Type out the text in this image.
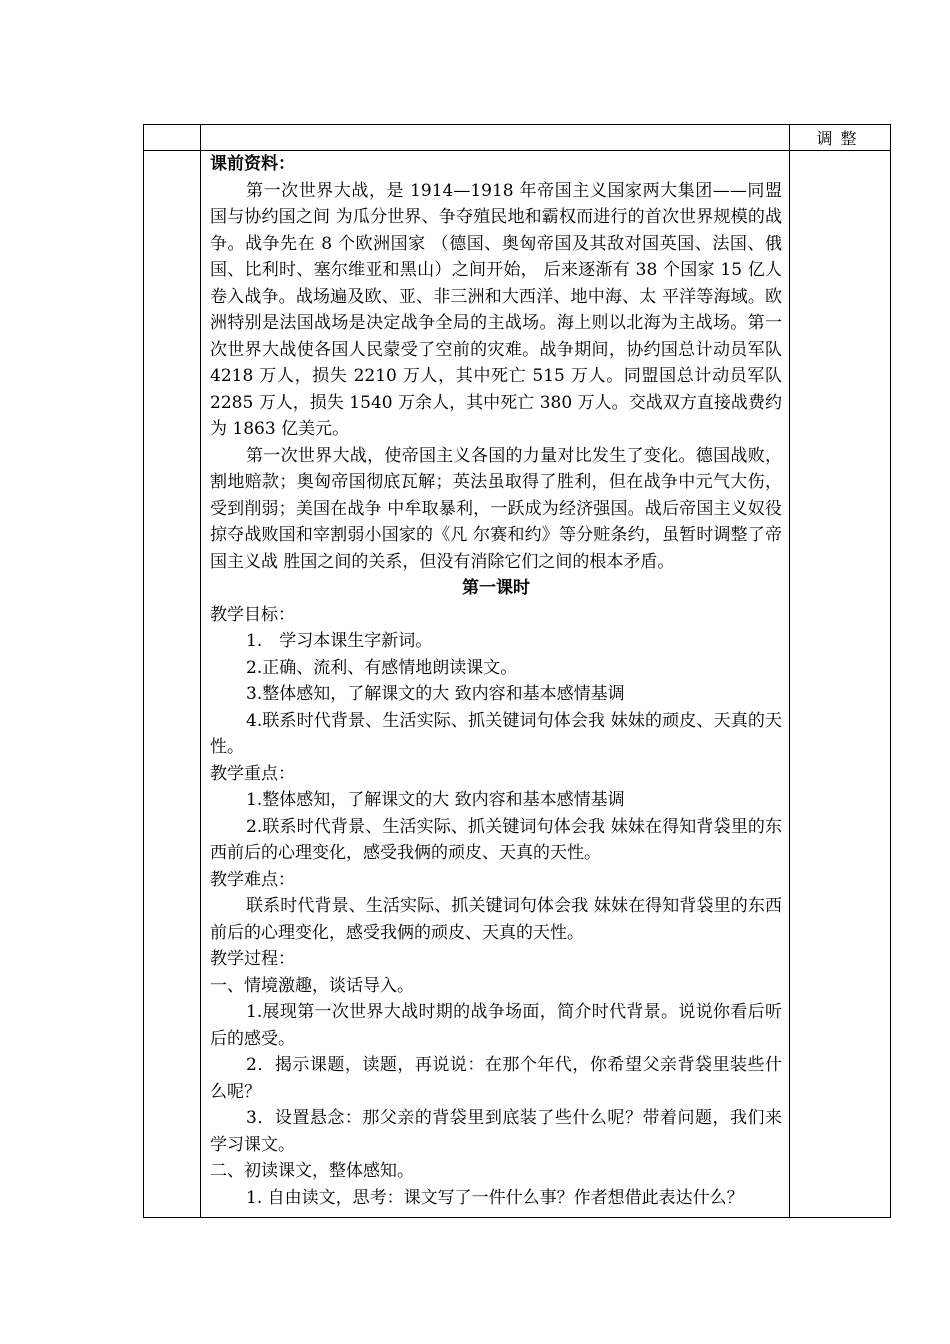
调整

课前资料：

第一次世界大战，是 1914—1918 年帝国主义国家两大集团——同盟国与协约国之间 为瓜分世界、争夺殖民地和霸权而进行的首次世界规模的战争。战争先在 8 个欧洲国家 （德国、奥匈帝国及其敌对国英国、法国、俄国、比利时、塞尔维亚和黑山）之间开始， 后来逐渐有 38 个国家 15 亿人卷入战争。战场遍及欧、亚、非三洲和大西洋、地中海、太 平洋等海域。欧洲特别是法国战场是决定战争全局的主战场。海上则以北海为主战场。第一次世界大战使各国人民蒙受了空前的灾难。战争期间，协约国总计动员军队 4218 万人，损失 2210 万人，其中死亡 515 万人。同盟国总计动员军队 2285 万人，损失 1540 万余人，其中死亡 380 万人。交战双方直接战费约为 1863 亿美元。

第一次世界大战，使帝国主义各国的力量对比发生了变化。德国战败，割地赔款；奥匈帝国彻底瓦解；英法虽取得了胜利，但在战争中元气大伤，受到削弱；美国在战争 中牟取暴利，一跃成为经济强国。战后帝国主义奴役掠夺战败国和宰割弱小国家的《凡 尔赛和约》等分赃条约，虽暂时调整了帝国主义战 胜国之间的关系，但没有消除它们之间的根本矛盾。

第一课时

教学目标：

1.　学习本课生字新词。

2.正确、流利、有感情地朗读课文。

3.整体感知，了解课文的大 致内容和基本感情基调

4.联系时代背景、生活实际、抓关键词句体会我 妹妹的顽皮、天真的天性。

教学重点：

1.整体感知，了解课文的大 致内容和基本感情基调

2.联系时代背景、生活实际、抓关键词句体会我 妹妹在得知背袋里的东西前后的心理变化，感受我俩的顽皮、天真的天性。

教学难点：

联系时代背景、生活实际、抓关键词句体会我 妹妹在得知背袋里的东西前后的心理变化，感受我俩的顽皮、天真的天性。

教学过程：

一、情境激趣，谈话导入。

1.展现第一次世界大战时期的战争场面，简介时代背景。说说你看后听后的感受。

2．揭示课题，读题，再说说：在那个年代，你希望父亲背袋里装些什么呢？

3．设置悬念：那父亲的背袋里到底装了些什么呢？带着问题，我们来学习课文。

二、初读课文，整体感知。

1. 自由读文，思考：课文写了一件什么事？作者想借此表达什么？
